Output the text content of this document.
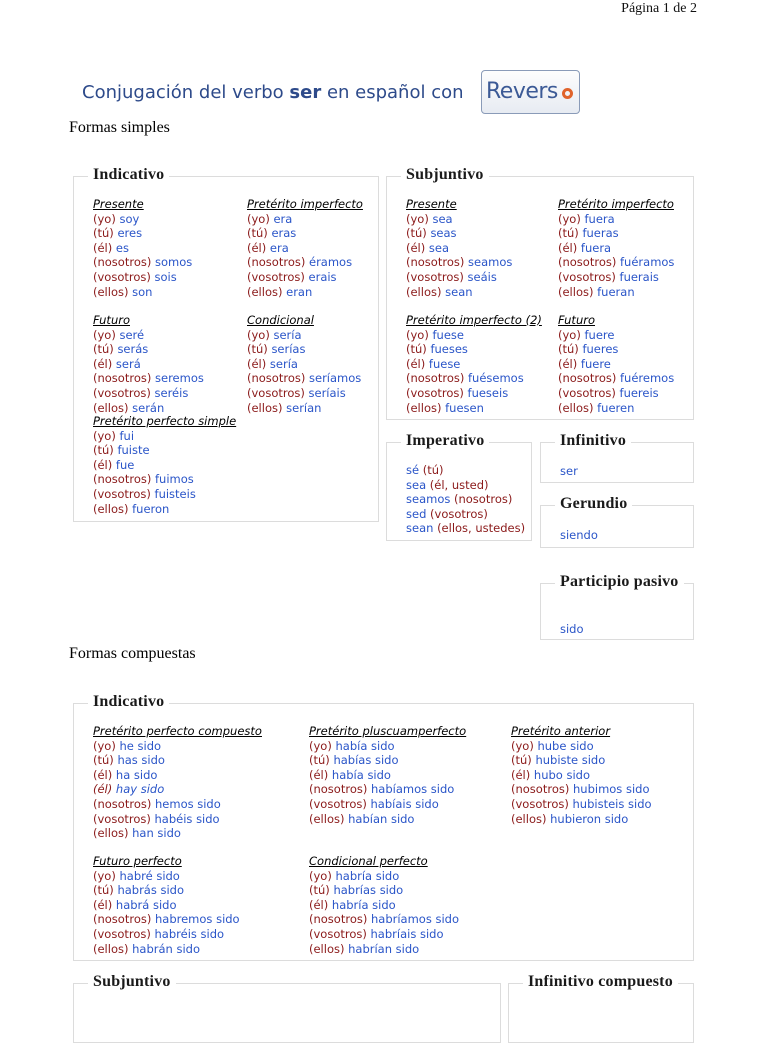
Página 1 de 2
Conjugación del verbo ser en español con Revers
Formas simples
Indicativo
Presente
(yo) soy
(tú) eres
(él) es
(nosotros) somos
(vosotros) sois
(ellos) son
Pretérito imperfecto
(yo) era
(tú) eras
(él) era
(nosotros) éramos
(vosotros) erais
(ellos) eran
Futuro
(yo) seré
(tú) serás
(él) será
(nosotros) seremos
(vosotros) seréis
(ellos) serán
Condicional
(yo) sería
(tú) serías
(él) sería
(nosotros) seríamos
(vosotros) seríais
(ellos) serían
Pretérito perfecto simple
(yo) fui
(tú) fuiste
(él) fue
(nosotros) fuimos
(vosotros) fuisteis
(ellos) fueron
Subjuntivo
Presente
(yo) sea
(tú) seas
(él) sea
(nosotros) seamos
(vosotros) seáis
(ellos) sean
Pretérito imperfecto
(yo) fuera
(tú) fueras
(él) fuera
(nosotros) fuéramos
(vosotros) fuerais
(ellos) fueran
Pretérito imperfecto (2)
(yo) fuese
(tú) fueses
(él) fuese
(nosotros) fuésemos
(vosotros) fueseis
(ellos) fuesen
Futuro
(yo) fuere
(tú) fueres
(él) fuere
(nosotros) fuéremos
(vosotros) fuereis
(ellos) fueren
Imperativo
sé (tú)
sea (él, usted)
seamos (nosotros)
sed (vosotros)
sean (ellos, ustedes)
Infinitivo
ser
Gerundio
siendo
Participio pasivo
sido
Formas compuestas
Indicativo
Pretérito perfecto compuesto
(yo) he sido
(tú) has sido
(él) ha sido
(él) hay sido
(nosotros) hemos sido
(vosotros) habéis sido
(ellos) han sido
Pretérito pluscuamperfecto
(yo) había sido
(tú) habías sido
(él) había sido
(nosotros) habíamos sido
(vosotros) habíais sido
(ellos) habían sido
Pretérito anterior
(yo) hube sido
(tú) hubiste sido
(él) hubo sido
(nosotros) hubimos sido
(vosotros) hubisteis sido
(ellos) hubieron sido
Futuro perfecto
(yo) habré sido
(tú) habrás sido
(él) habrá sido
(nosotros) habremos sido
(vosotros) habréis sido
(ellos) habrán sido
Condicional perfecto
(yo) habría sido
(tú) habrías sido
(él) habría sido
(nosotros) habríamos sido
(vosotros) habríais sido
(ellos) habrían sido
Subjuntivo	Infinitivo compuesto
